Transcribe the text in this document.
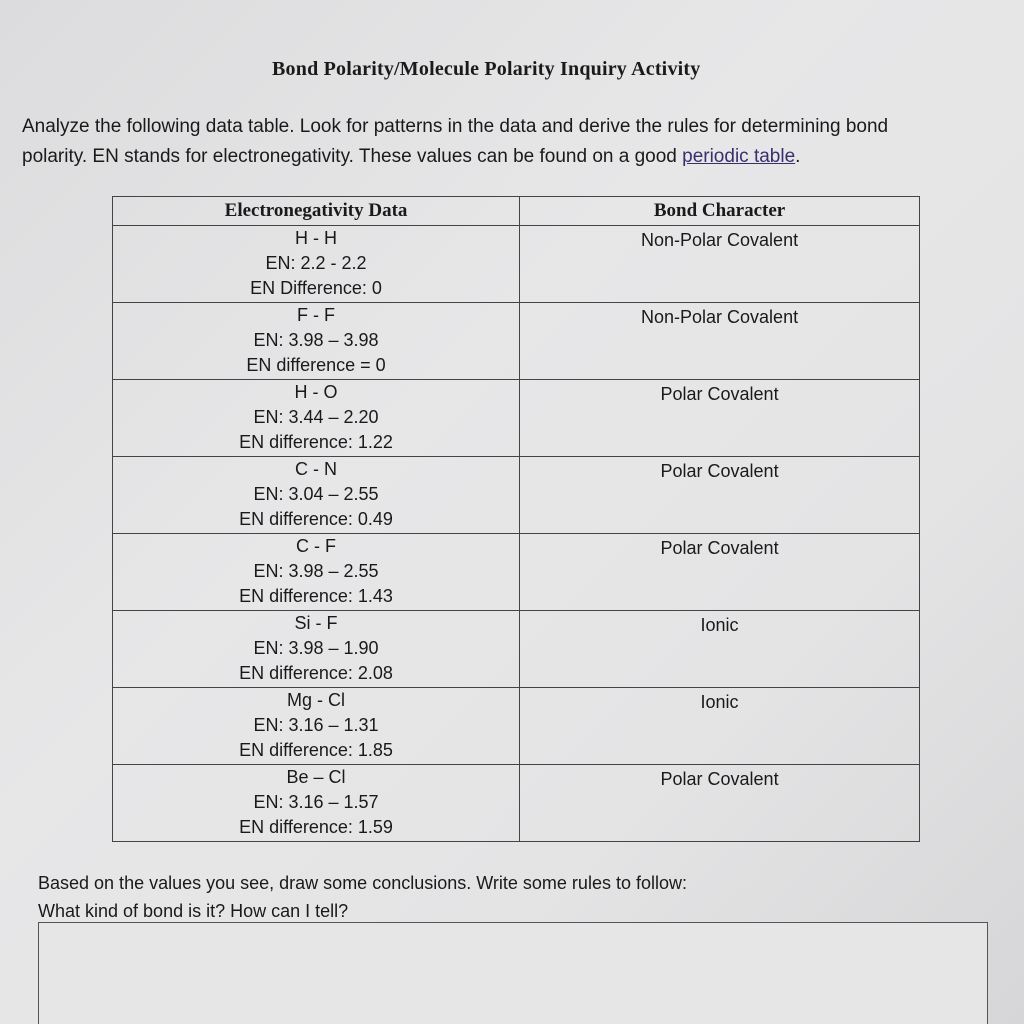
Bond Polarity/Molecule Polarity Inquiry Activity
Analyze the following data table. Look for patterns in the data and derive the rules for determining bond
polarity. EN stands for electronegativity. These values can be found on a good periodic table.
Electronegativity Data	Bond Character

H - H
EN: 2.2 - 2.2
EN Difference: 0	Non-Polar Covalent

F - F
EN: 3.98 – 3.98
EN difference = 0	Non-Polar Covalent

H - O
EN: 3.44 – 2.20
EN difference: 1.22	Polar Covalent

C - N
EN: 3.04 – 2.55
EN difference: 0.49	Polar Covalent

C - F
EN: 3.98 – 2.55
EN difference: 1.43	Polar Covalent

Si - F
EN: 3.98 – 1.90
EN difference: 2.08	Ionic

Mg - Cl
EN: 3.16 – 1.31
EN difference: 1.85	Ionic

Be – Cl
EN: 3.16 – 1.57
EN difference: 1.59	Polar Covalent
Based on the values you see, draw some conclusions. Write some rules to follow:
What kind of bond is it? How can I tell?
